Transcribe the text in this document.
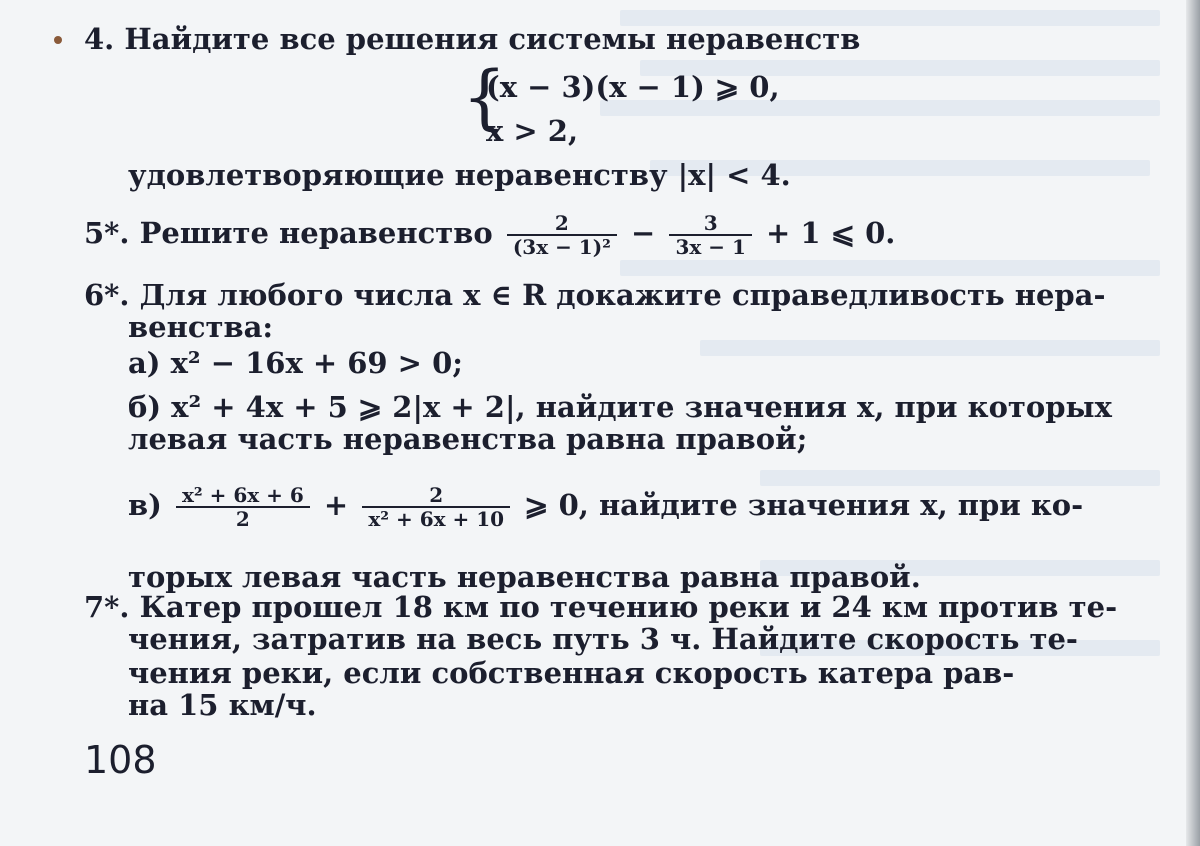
4. Найдите все решения системы неравенств
{
(x − 3)(x − 1) ⩾ 0,
x > 2,
удовлетворяющие неравенству |x| < 4.
5*. Решите неравенство $\frac{2}{\text{(3x − 1)²}} - \frac{3}{3x - 1} + 1$ ⩽ 0.
6*. Для любого числа x ∈ R докажите справедливость нера-
венства:
а) x² − 16x + 69 > 0;
б) x² + 4x + 5 ⩾ 2|x + 2|, найдите значения x, при которых
левая часть неравенства равна правой;
$в) \frac{\text{x² + 6x + 6}}{2} + \frac{2}{\text{x² + 6x + 10}}$ ⩾ 0, найдите значения x, при ко-
торых левая часть неравенства равна правой.
7*. Катер прошел 18 км по течению реки и 24 км против те-
чения, затратив на весь путь 3 ч. Найдите скорость те-
чения реки, если собственная скорость катера рав-
на 15 км/ч.
108
